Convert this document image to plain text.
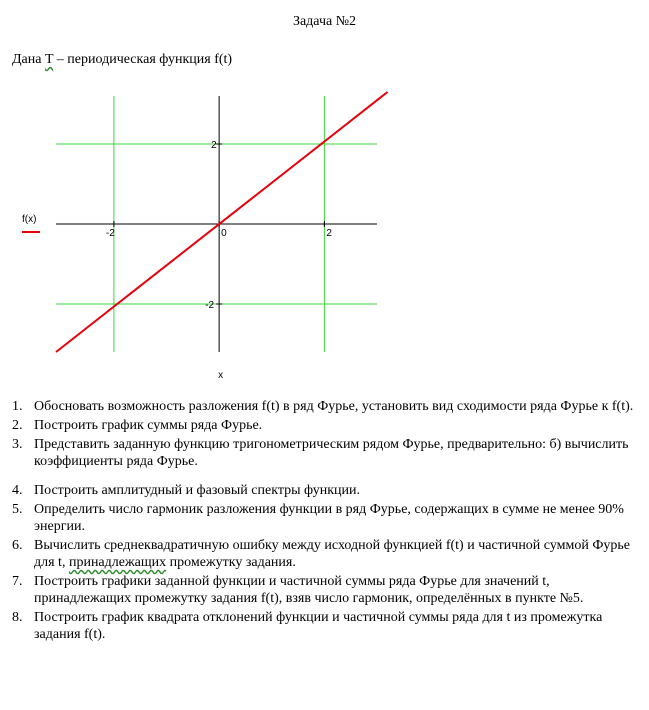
Задача №2
Дана T – периодическая функция f(t)
-2	0	2
2
-2
f(x)
x
1. Обосновать возможность разложения f(t) в ряд Фурье, установить вид сходимости ряда Фурье к f(t).
2. Построить график суммы ряда Фурье.
3. Представить заданную функцию тригонометрическим рядом Фурье, предварительно: б) вычислить коэффициенты ряда Фурье.
4. Построить амплитудный и фазовый спектры функции.
5. Определить число гармоник разложения функции в ряд Фурье, содержащих в сумме не менее 90% энергии.
6. Вычислить среднеквадратичную ошибку между исходной функцией f(t) и частичной суммой Фурье для t, принадлежащих промежутку задания.
7. Построить графики заданной функции и частичной суммы ряда Фурье для значений t, принадлежащих промежутку задания f(t), взяв число гармоник, определённых в пункте №5.
8. Построить график квадрата отклонений функции и частичной суммы ряда для t из промежутка задания f(t).
